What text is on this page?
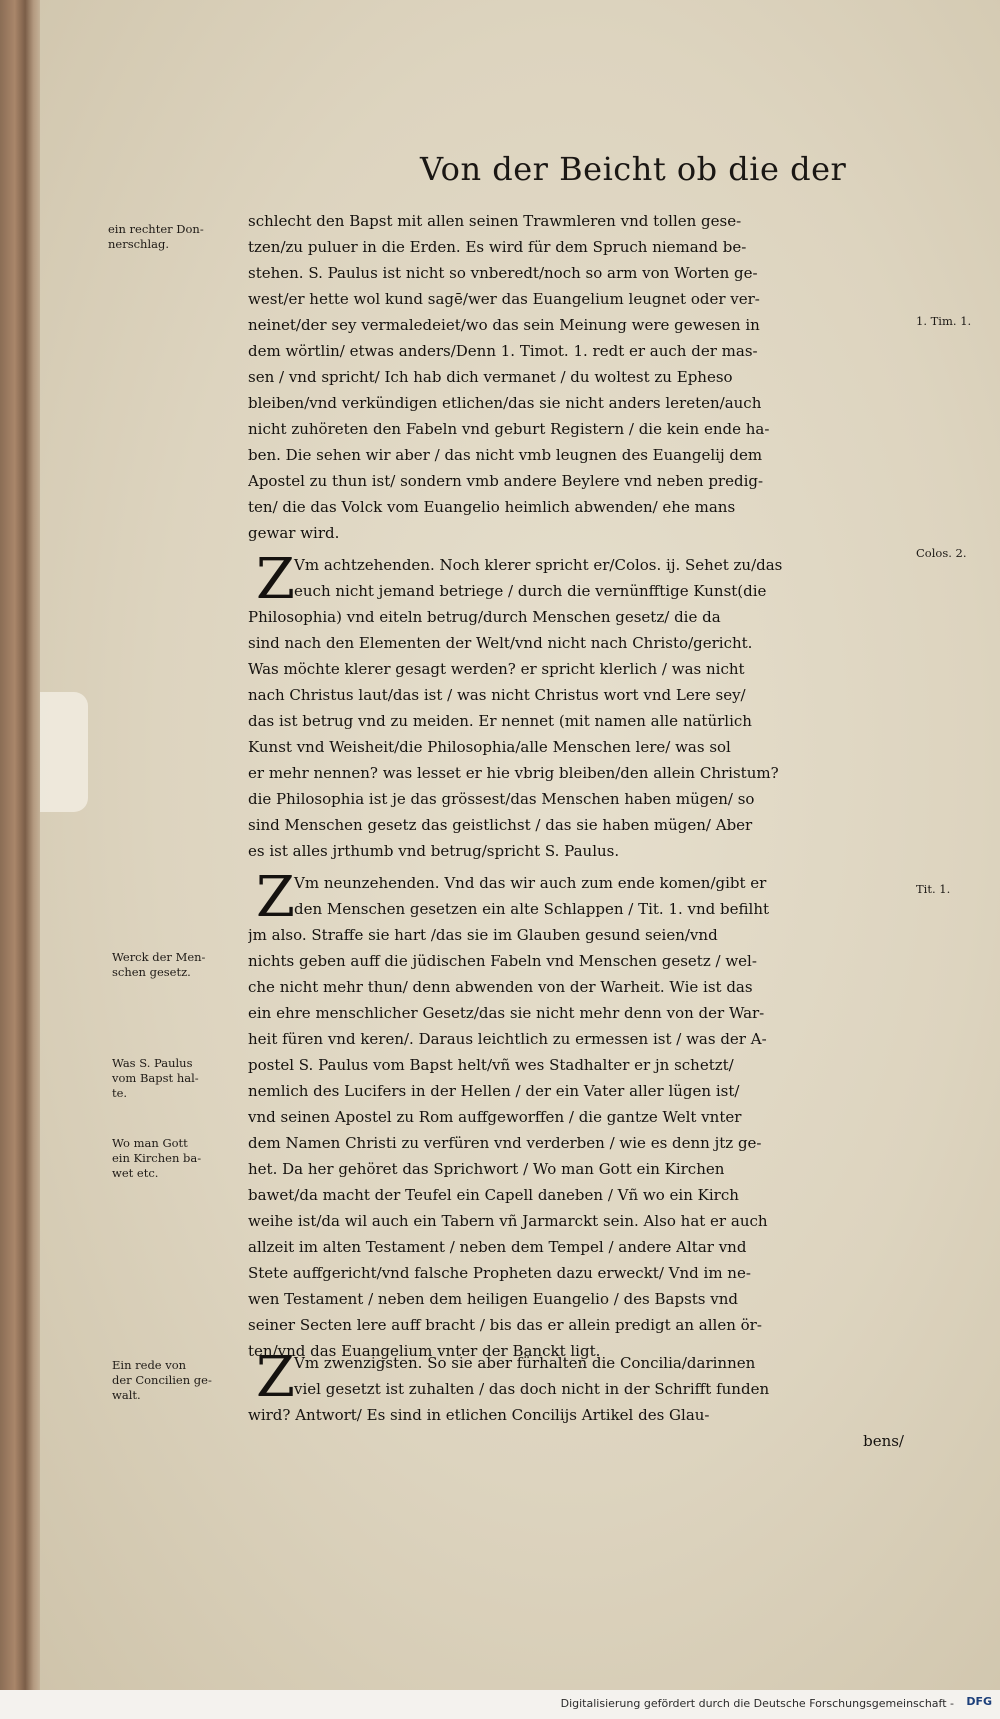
Von der Beicht ob die der
ein rechter Don-
nerschlag.
1. Tim. 1.
Colos. 2.
Tit. 1.
Werck der Men-
schen gesetz.
Was S. Paulus
vom Bapst hal-
te.
Wo man Gott
ein Kirchen ba-
wet etc.
Ein rede von
der Concilien ge-
walt.
schlecht den Bapst mit allen seinen Trawmleren vnd tollen gese-
tzen/zu puluer in die Erden. Es wird für dem Spruch niemand be-
stehen. S. Paulus ist nicht so vnberedt/noch so arm von Worten ge-
west/er hette wol kund sagē/wer das Euangelium leugnet oder ver-
neinet/der sey vermaledeiet/wo das sein Meinung were gewesen in
dem wörtlin/ etwas anders/Denn 1. Timot. 1. redt er auch der mas-
sen / vnd spricht/ Ich hab dich vermanet / du woltest zu Epheso
bleiben/vnd verkündigen etlichen/das sie nicht anders lereten/auch
nicht zuhöreten den Fabeln vnd geburt Registern / die kein ende ha-
ben. Die sehen wir aber / das nicht vmb leugnen des Euangelij dem
Apostel zu thun ist/ sondern vmb andere Beylere vnd neben predig-
ten/ die das Volck vom Euangelio heimlich abwenden/ ehe mans
gewar wird.
Z Vm achtzehenden. Noch klerer spricht er/Colos. ij. Sehet zu/das
euch nicht jemand betriege / durch die vernünfftige Kunst(die
Philosophia) vnd eiteln betrug/durch Menschen gesetz/ die da
sind nach den Elementen der Welt/vnd nicht nach Christo/gericht.
Was möchte klerer gesagt werden? er spricht klerlich / was nicht
nach Christus laut/das ist / was nicht Christus wort vnd Lere sey/
das ist betrug vnd zu meiden. Er nennet (mit namen alle natürlich
Kunst vnd Weisheit/die Philosophia/alle Menschen lere/ was sol
er mehr nennen? was lesset er hie vbrig bleiben/den allein Christum?
die Philosophia ist je das grössest/das Menschen haben mügen/ so
sind Menschen gesetz das geistlichst / das sie haben mügen/ Aber
es ist alles jrthumb vnd betrug/spricht S. Paulus.
Z Vm neunzehenden. Vnd das wir auch zum ende komen/gibt er
den Menschen gesetzen ein alte Schlappen / Tit. 1. vnd befilht
jm also. Straffe sie hart /das sie im Glauben gesund seien/vnd
nichts geben auff die jüdischen Fabeln vnd Menschen gesetz / wel-
che nicht mehr thun/ denn abwenden von der Warheit. Wie ist das
ein ehre menschlicher Gesetz/das sie nicht mehr denn von der War-
heit füren vnd keren/. Daraus leichtlich zu ermessen ist / was der A-
postel S. Paulus vom Bapst helt/vñ wes Stadhalter er jn schetzt/
nemlich des Lucifers in der Hellen / der ein Vater aller lügen ist/
vnd seinen Apostel zu Rom auffgeworffen / die gantze Welt vnter
dem Namen Christi zu verfüren vnd verderben / wie es denn jtz ge-
het. Da her gehöret das Sprichwort / Wo man Gott ein Kirchen
bawet/da macht der Teufel ein Capell daneben / Vñ wo ein Kirch
weihe ist/da wil auch ein Tabern vñ Jarmarckt sein. Also hat er auch
allzeit im alten Testament / neben dem Tempel / andere Altar vnd
Stete auffgericht/vnd falsche Propheten dazu erweckt/ Vnd im ne-
wen Testament / neben dem heiligen Euangelio / des Bapsts vnd
seiner Secten lere auff bracht / bis das er allein predigt an allen ör-
ten/vnd das Euangelium vnter der Banckt ligt.
Z Vm zwenzigsten. So sie aber fürhalten die Concilia/darinnen
viel gesetzt ist zuhalten / das doch nicht in der Schrifft funden
wird? Antwort/ Es sind in etlichen Concilijs Artikel des Glau-
bens/
Digitalisierung gefördert durch die Deutsche Forschungsgemeinschaft - DFG
